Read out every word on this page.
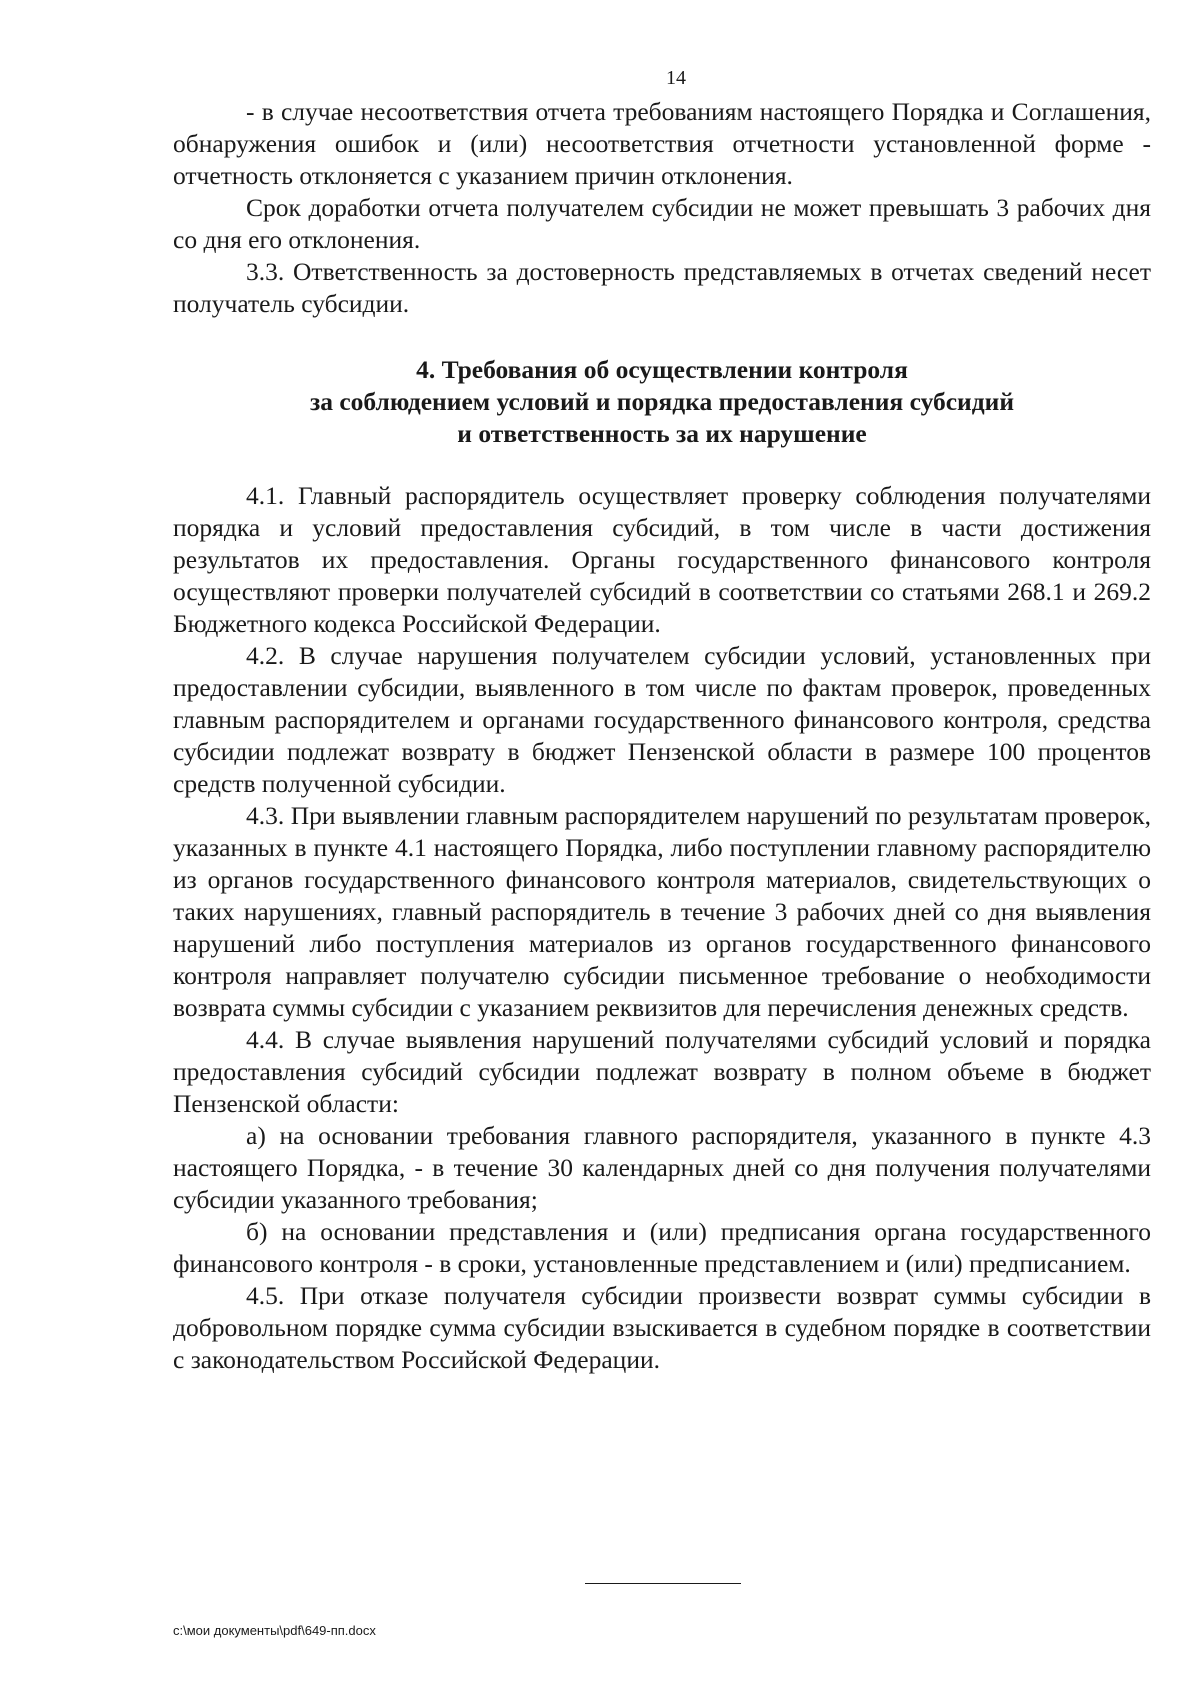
14

- в случае несоответствия отчета требованиям настоящего Порядка и Соглашения, обнаружения ошибок и (или) несоответствия отчетности установленной форме - отчетность отклоняется с указанием причин отклонения.

Срок доработки отчета получателем субсидии не может превышать 3 рабочих дня со дня его отклонения.

3.3. Ответственность за достоверность представляемых в отчетах сведений несет получатель субсидии.

4. Требования об осуществлении контроля
за соблюдением условий и порядка предоставления субсидий
и ответственность за их нарушение

4.1. Главный распорядитель осуществляет проверку соблюдения получателями порядка и условий предоставления субсидий, в том числе в части достижения результатов их предоставления. Органы государственного финансового контроля осуществляют проверки получателей субсидий в соответствии со статьями 268.1 и 269.2 Бюджетного кодекса Российской Федерации.

4.2. В случае нарушения получателем субсидии условий, установленных при предоставлении субсидии, выявленного в том числе по фактам проверок, проведенных главным распорядителем и органами государственного финансового контроля, средства субсидии подлежат возврату в бюджет Пензенской области в размере 100 процентов средств полученной субсидии.

4.3. При выявлении главным распорядителем нарушений по результатам проверок, указанных в пункте 4.1 настоящего Порядка, либо поступлении главному распорядителю из органов государственного финансового контроля материалов, свидетельствующих о таких нарушениях, главный распорядитель в течение 3 рабочих дней со дня выявления нарушений либо поступления материалов из органов государственного финансового контроля направляет получателю субсидии письменное требование о необходимости возврата суммы субсидии с указанием реквизитов для перечисления денежных средств.

4.4. В случае выявления нарушений получателями субсидий условий и порядка предоставления субсидий субсидии подлежат возврату в полном объеме в бюджет Пензенской области:

а) на основании требования главного распорядителя, указанного в пункте 4.3 настоящего Порядка, - в течение 30 календарных дней со дня получения получателями субсидии указанного требования;

б) на основании представления и (или) предписания органа государственного финансового контроля - в сроки, установленные представлением и (или) предписанием.

4.5. При отказе получателя субсидии произвести возврат суммы субсидии в добровольном порядке сумма субсидии взыскивается в судебном порядке в соответствии с законодательством Российской Федерации.

c:\мои документы\pdf\649-пп.docx
